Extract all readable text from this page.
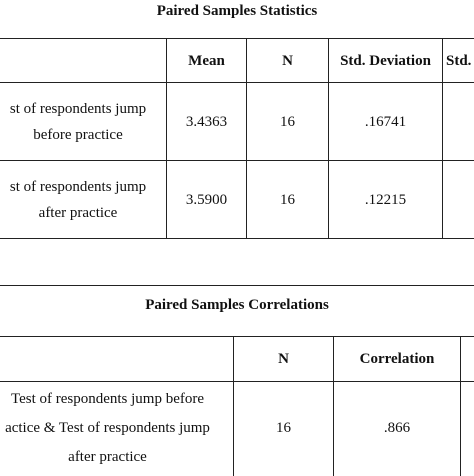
Paired Samples Statistics
Mean	N	Std. Deviation	Std.
st of respondents jump
before practice
3.4363	16	.16741
st of respondents jump
after practice
3.5900	16	.12215
Paired Samples Correlations
N	Correlation
Test of respondents jump before
actice & Test of respondents jump
after practice
16	.866
